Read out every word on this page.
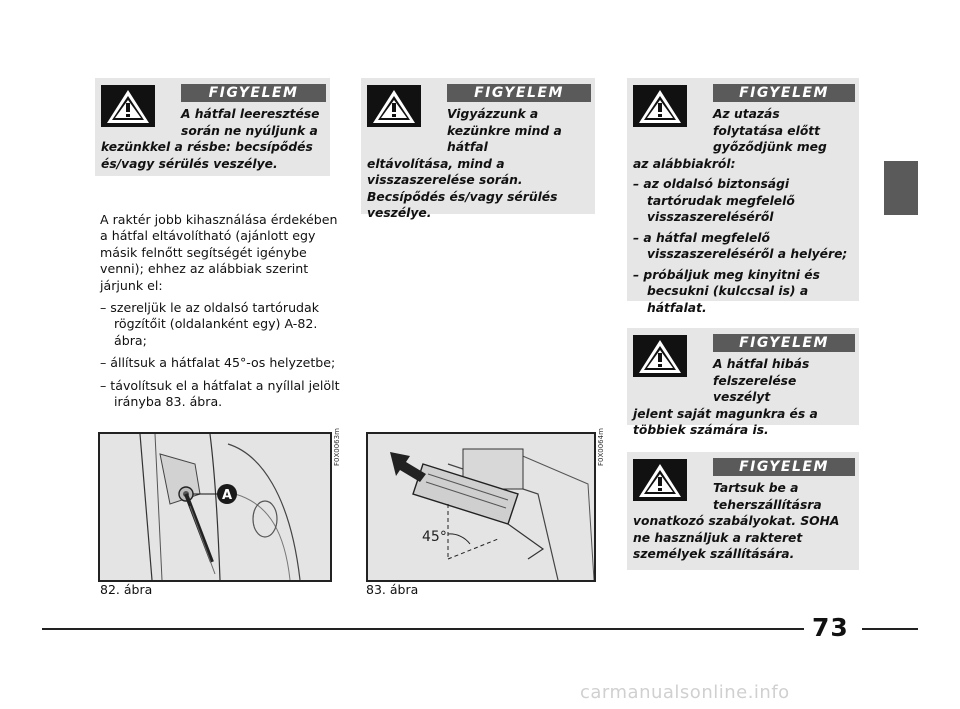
FIGYELEM
A hátfal leeresztése során ne nyúljunk a
kezünkkel a résbe: becsípődés és/vagy sérülés veszélye.
FIGYELEM
Vigyázzunk a kezünkre mind a hátfal
eltávolítása, mind a visszaszerelése során. Becsípődés és/vagy sérülés veszélye.
FIGYELEM
Az utazás folytatása előtt győződjünk meg
az alábbiakról:
– az oldalsó biztonsági tartórudak megfelelő visszaszereléséről
– a hátfal megfelelő visszaszereléséről a helyére;
– próbáljuk meg kinyitni és becsukni (kulccsal is) a hátfalat.
FIGYELEM
A hátfal hibás felszerelése veszélyt
jelent saját magunkra és a többiek számára is.
FIGYELEM
Tartsuk be a teherszállításra
vonatkozó szabályokat. SOHA ne használjuk a rakteret személyek szállítására.

A raktér jobb kihasználása érdekében a hátfal eltávolítható (ajánlott egy másik felnőtt segítségét igénybe venni); ehhez az alábbiak szerint járjunk el:

– szereljük le az oldalsó tartórudak rögzítőit (oldalanként egy) A-82. ábra;
– állítsuk a hátfalat 45°-os helyzetbe;
– távolítsuk el a hátfalat a nyíllal jelölt irányba 83. ábra.
A
F0X0063m
82. ábra
45°
F0X0064m
83. ábra
73
carmanualsonline.info
